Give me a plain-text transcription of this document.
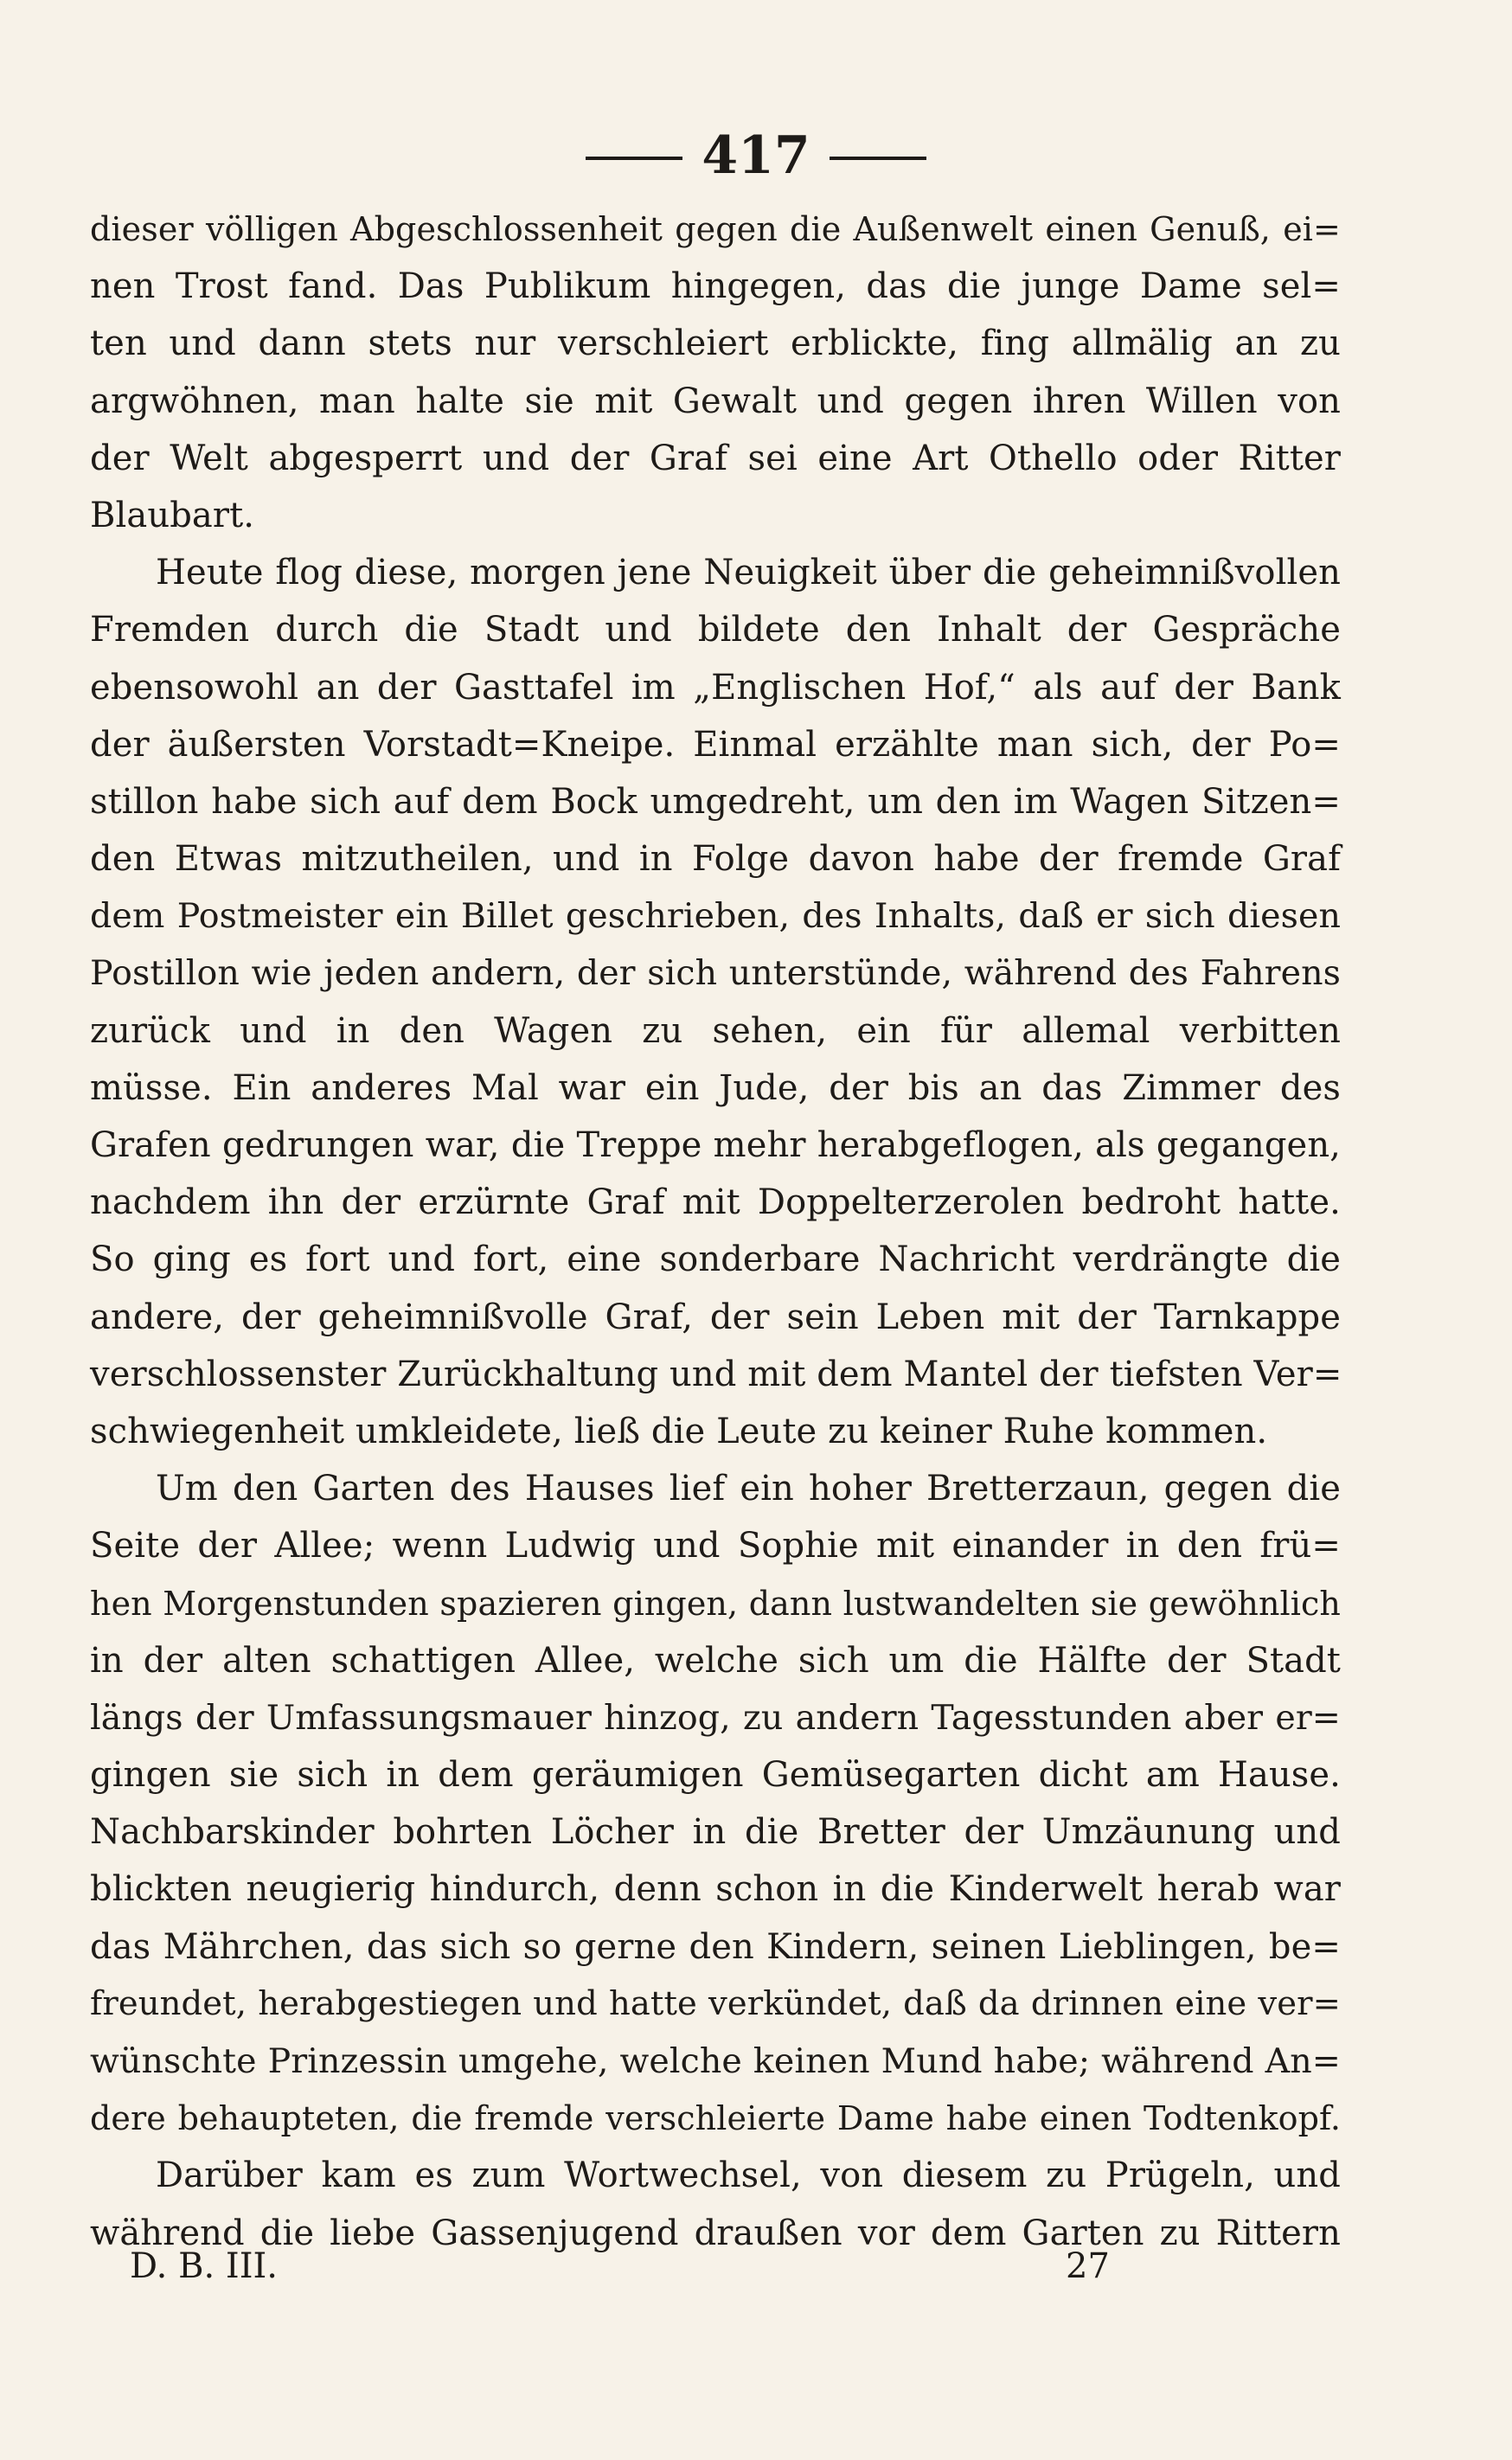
417
dieser völligen Abgeschlossenheit gegen die Außenwelt einen Genuß, ei=
nen Trost fand. Das Publikum hingegen, das die junge Dame sel=
ten und dann stets nur verschleiert erblickte, fing allmälig an zu
argwöhnen, man halte sie mit Gewalt und gegen ihren Willen von
der Welt abgesperrt und der Graf sei eine Art Othello oder Ritter
Blaubart.
Heute flog diese, morgen jene Neuigkeit über die geheimnißvollen
Fremden durch die Stadt und bildete den Inhalt der Gespräche
ebensowohl an der Gasttafel im „Englischen Hof,“ als auf der Bank
der äußersten Vorstadt=Kneipe. Einmal erzählte man sich, der Po=
stillon habe sich auf dem Bock umgedreht, um den im Wagen Sitzen=
den Etwas mitzutheilen, und in Folge davon habe der fremde Graf
dem Postmeister ein Billet geschrieben, des Inhalts, daß er sich diesen
Postillon wie jeden andern, der sich unterstünde, während des Fahrens
zurück und in den Wagen zu sehen, ein für allemal verbitten
müsse. Ein anderes Mal war ein Jude, der bis an das Zimmer des
Grafen gedrungen war, die Treppe mehr herabgeflogen, als gegangen,
nachdem ihn der erzürnte Graf mit Doppelterzerolen bedroht hatte.
So ging es fort und fort, eine sonderbare Nachricht verdrängte die
andere, der geheimnißvolle Graf, der sein Leben mit der Tarnkappe
verschlossenster Zurückhaltung und mit dem Mantel der tiefsten Ver=
schwiegenheit umkleidete, ließ die Leute zu keiner Ruhe kommen.
Um den Garten des Hauses lief ein hoher Bretterzaun, gegen die
Seite der Allee; wenn Ludwig und Sophie mit einander in den frü=
hen Morgenstunden spazieren gingen, dann lustwandelten sie gewöhnlich
in der alten schattigen Allee, welche sich um die Hälfte der Stadt
längs der Umfassungsmauer hinzog, zu andern Tagesstunden aber er=
gingen sie sich in dem geräumigen Gemüsegarten dicht am Hause.
Nachbarskinder bohrten Löcher in die Bretter der Umzäunung und
blickten neugierig hindurch, denn schon in die Kinderwelt herab war
das Mährchen, das sich so gerne den Kindern, seinen Lieblingen, be=
freundet, herabgestiegen und hatte verkündet, daß da drinnen eine ver=
wünschte Prinzessin umgehe, welche keinen Mund habe; während An=
dere behaupteten, die fremde verschleierte Dame habe einen Todtenkopf.
Darüber kam es zum Wortwechsel, von diesem zu Prügeln, und
während die liebe Gassenjugend draußen vor dem Garten zu Rittern
D. B. III.	27
